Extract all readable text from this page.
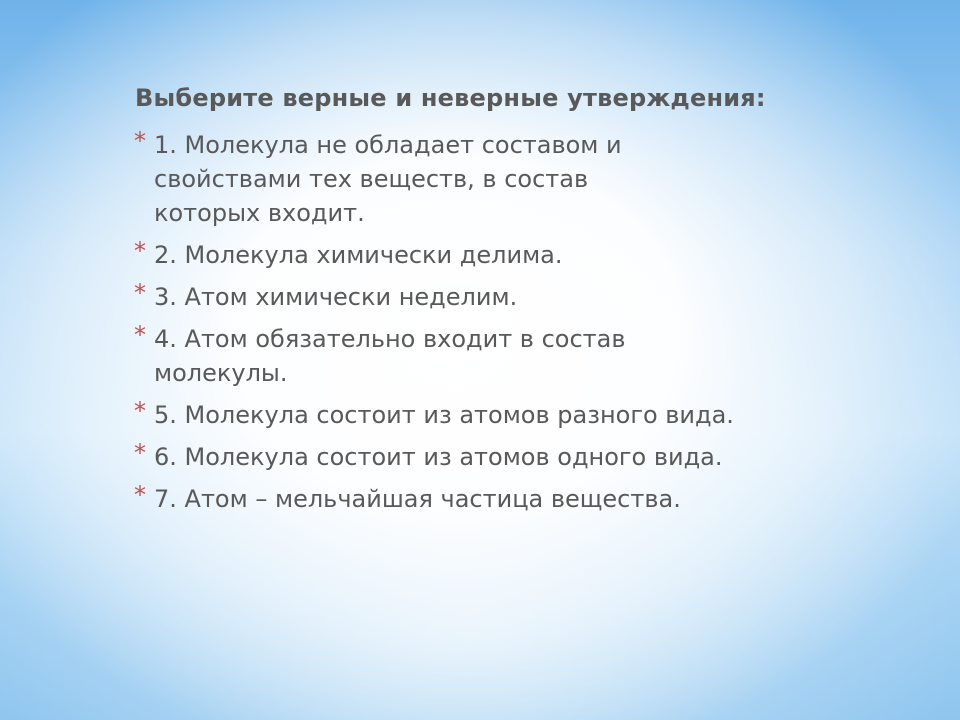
Выберите верные и неверные утверждения:
* 1. Молекула не обладает составом и свойствами тех веществ, в состав которых входит.
* 2. Молекула химически делима.
* 3. Атом химически неделим.
* 4. Атом обязательно входит в состав молекулы.
* 5. Молекула состоит из атомов разного вида.
* 6. Молекула состоит из атомов одного вида.
* 7. Атом – мельчайшая частица вещества.
